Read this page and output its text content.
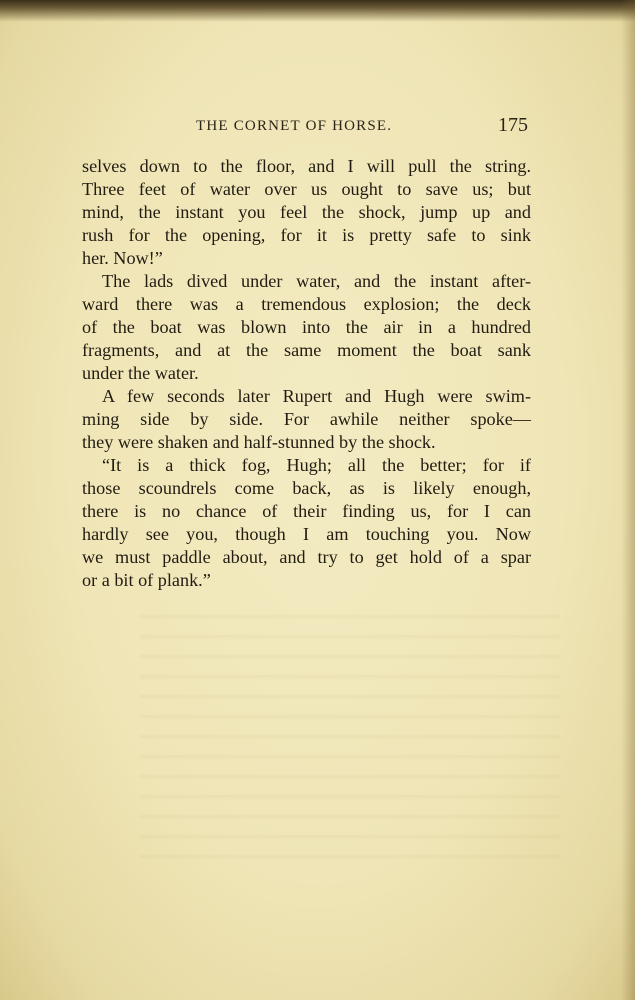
THE CORNET OF HORSE.	175
selves down to the floor, and I will pull the string.
Three feet of water over us ought to save us; but
mind, the instant you feel the shock, jump up and
rush for the opening, for it is pretty safe to sink
her. Now!”
The lads dived under water, and the instant after-
ward there was a tremendous explosion; the deck
of the boat was blown into the air in a hundred
fragments, and at the same moment the boat sank
under the water.
A few seconds later Rupert and Hugh were swim-
ming side by side. For awhile neither spoke—
they were shaken and half-stunned by the shock.
“It is a thick fog, Hugh; all the better; for if
those scoundrels come back, as is likely enough,
there is no chance of their finding us, for I can
hardly see you, though I am touching you. Now
we must paddle about, and try to get hold of a spar
or a bit of plank.”
